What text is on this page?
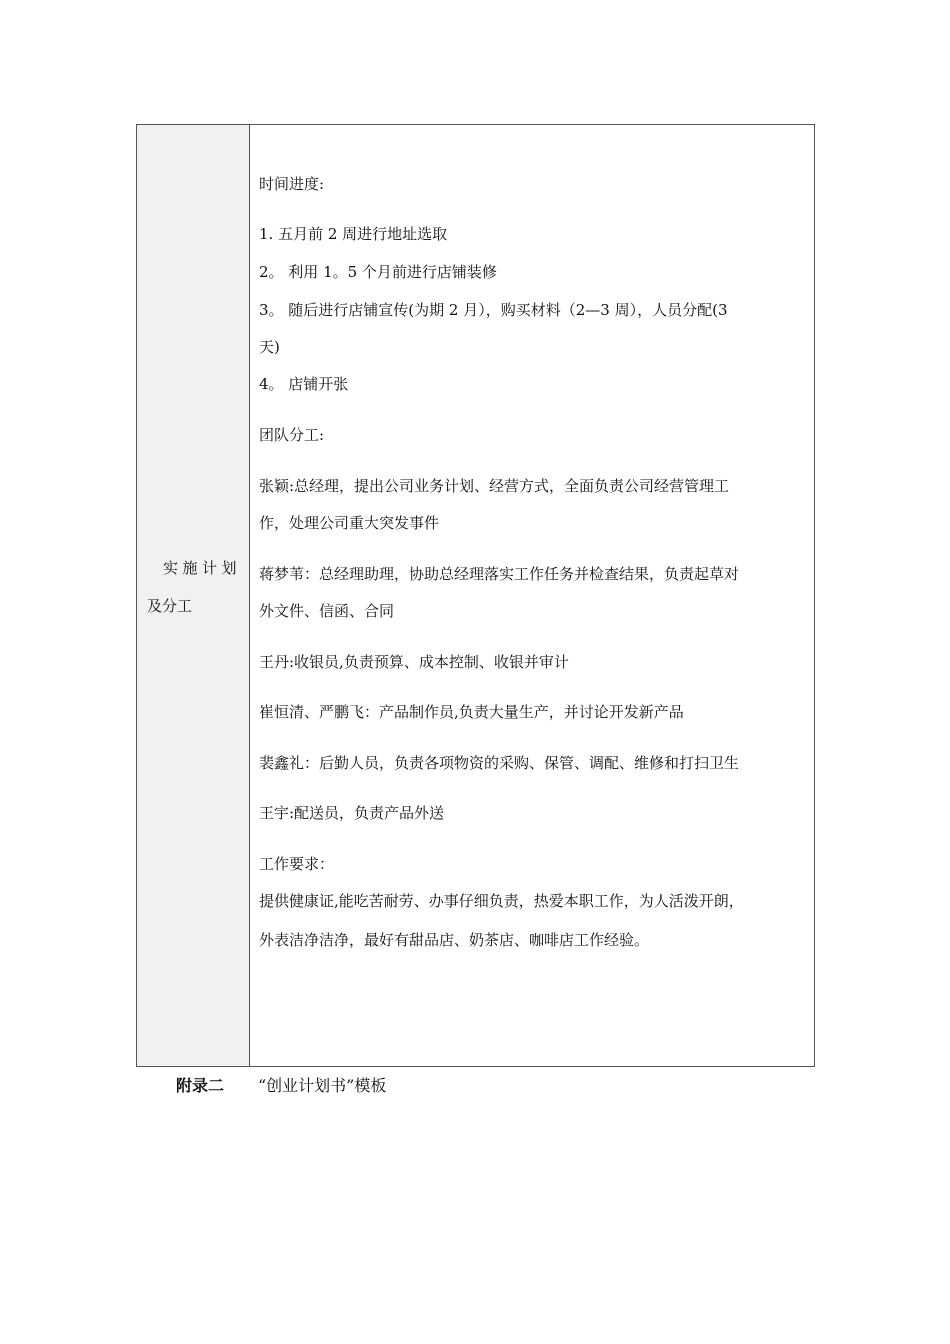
实施计划
及分工
时间进度:
1. 五月前 2 周进行地址选取
2。 利用 1。5 个月前进行店铺装修
3。 随后进行店铺宣传(为期 2 月），购买材料（2—3 周），人员分配(3
天)
4。 店铺开张
团队分工:
张颖:总经理，提出公司业务计划、经营方式，全面负责公司经营管理工
作，处理公司重大突发事件
蒋梦苇：总经理助理，协助总经理落实工作任务并检查结果，负责起草对
外文件、信函、合同
王丹:收银员,负责预算、成本控制、收银并审计
崔恒清、严鹏飞：产品制作员,负责大量生产，并讨论开发新产品
裴鑫礼：后勤人员，负责各项物资的采购、保管、调配、维修和打扫卫生
王宇:配送员，负责产品外送
工作要求：
提供健康证,能吃苦耐劳、办事仔细负责，热爱本职工作，为人活泼开朗，
外表洁净洁净，最好有甜品店、奶茶店、咖啡店工作经验。
附录二 “创业计划书”模板
